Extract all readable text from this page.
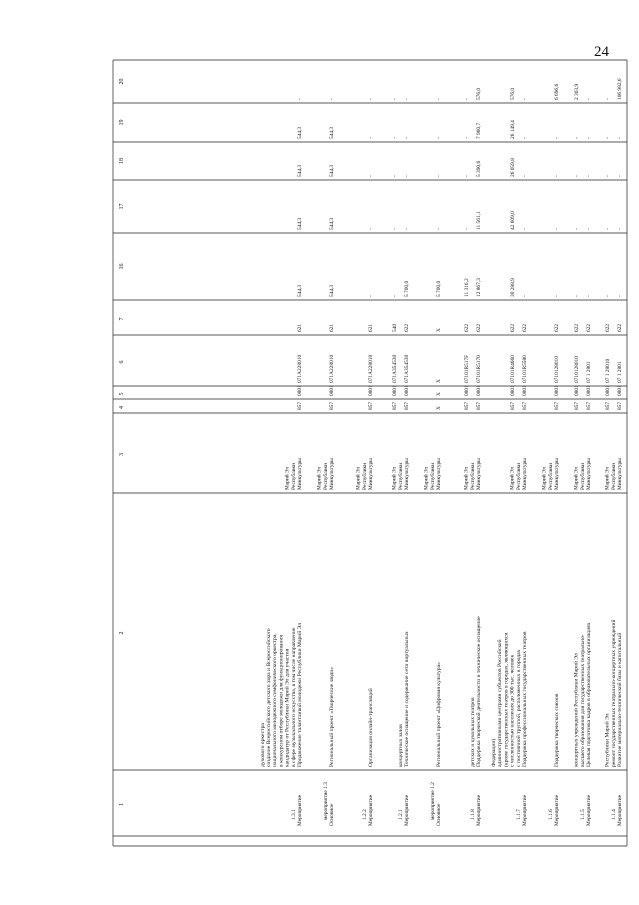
24
1
2
3
4
5
6
7
16
17
18
19
20
Мероприятие
1.1.4
Развитие материально-технической базы и капитальный
ремонт государственных театрально-концертных учреждений
Республики Марий Эл
Минкультуры
Республики
Марий Эл
857
857
0801
0801
07 1 2801
07 1 28010
622
622
-
-
-
-
-
-
-
-
106 982,6
-
Мероприятие
1.1.5
Целевая подготовка кадров в образовательных организациях
высшего образования для государственных театрально-
концертных учреждений Республики Марий Эл
Минкультуры
Республики
Марий Эл
857
857
0801
0801
07 1 2801
0710128010
622
622
-
-
-
-
-
-
-
-
-
2 303,9
Мероприятие
1.1.6
Поддержка творческих союзов
Минкультуры
Республики
Марий Эл
857
0801
0710128010
622
-
-
-
-
6 696,6
Мероприятие
1.1.7
Поддержка профессиональных государственных театров
с постоянной труппой, расположенных в городах
с численностью населения до 300 тыс. человек
(кроме государственных театров в городах, являющихся
административными центрами субъектов Российской
Федерации)
Минкультуры
Республики
Марий Эл
857
857
0801
0801
07101R5580
07101R4660
622
622
-
30 288,9
-
42 609,0
-
26 059,8
-
26 149,4
-
576,0
Мероприятие
1.1.8
Поддержка творческой деятельности и техническое оснащение
детских и кукольных театров
Минкультуры
Республики
Марий Эл
857
857
0801
0801
07101R5170
07101R517F
622
622
12 867,3
11 316,2
11 561,1
-
5 390,6
-
7 960,7
-
576,0
-
Основное
мероприятие 1.2
Региональный проект «Цифровая культура»
Минкультуры
Республики
Марий Эл
Х
Х
Х
Х
5 700,0
-
-
-
-
Мероприятие
1.2.1
Техническое оснащение и содержание сети виртуальных
концертных залов
Минкультуры
Республики
Марий Эл
857
857
0801
0801
071A354530
071A354530
622
540
5 700,0
-
-
-
-
-
-
-
-
-
Мероприятие
1.2.2
Организация онлайн-трансляций
Минкультуры
Республики
Марий Эл
857
0801
071A228010
621
-
-
-
-
-
Основное
мероприятие 1.3
Региональный проект «Творческие люди»
Минкультуры
Республики
Марий Эл
857
0801
071A228010
621
544,3
544,3
544,3
544,3
-
Мероприятие
1.3.1
Продвижение талантливой молодежи Республики Марий Эл
в сфере музыкального искусства, в том числе направление
кандидатур от Республики Марий Эл для участия
в конкурсном отборе молодежи для функционирования
национального молодежного симфонического оркестра,
создание Всероссийского детского хора и Всероссийского
духового оркестра
Минкультуры
Республики
Марий Эл
857
0801
071A228010
621
544,3
544,3
544,3
544,3
-
